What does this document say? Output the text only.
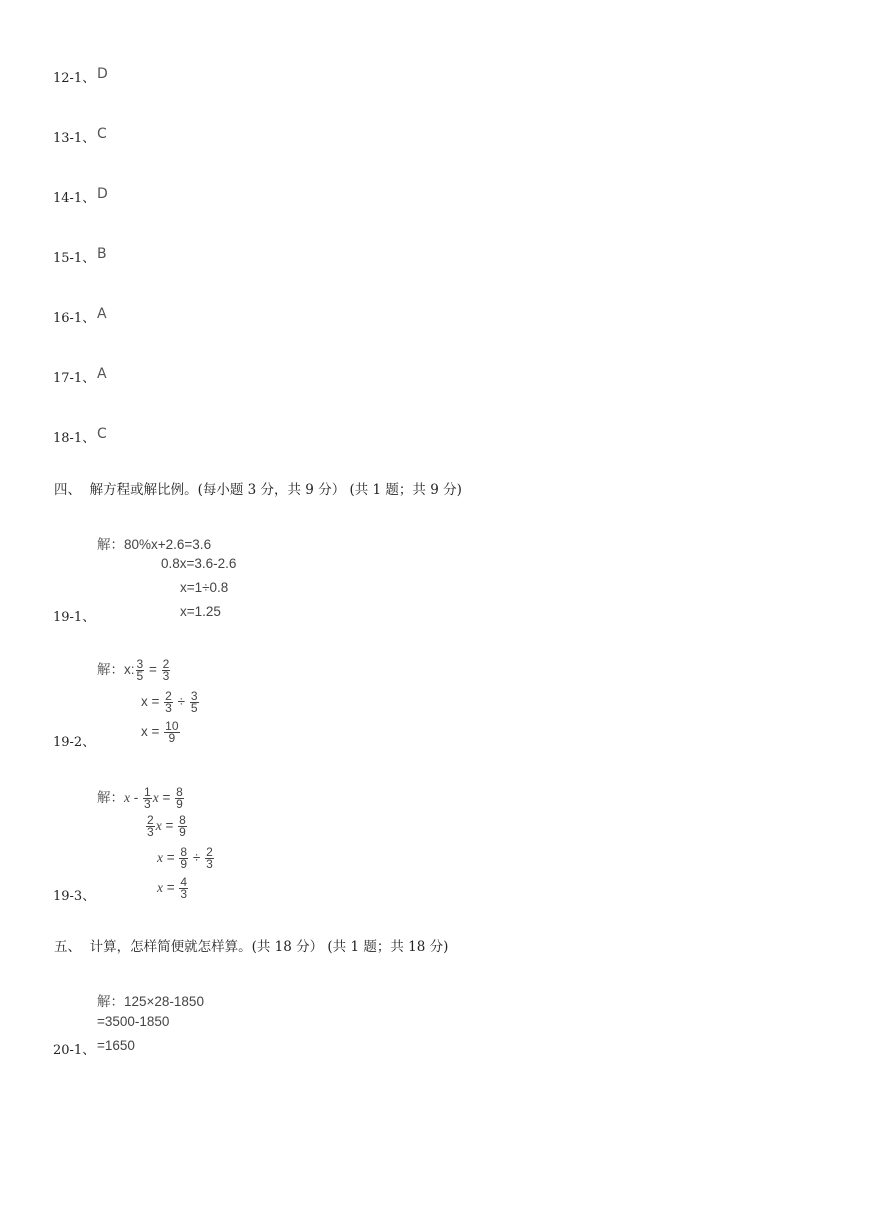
12-1、 D
13-1、 C
14-1、 D
15-1、 B
16-1、 A
17-1、 A
18-1、 C
四、  解方程或解比例。(每小题 3 分，共 9 分） (共 1 题；共 9 分)
解：80%x+2.6=3.6
0.8x=3.6-2.6
x=1÷0.8
x=1.25
19-1、
解：x: $\frac{3}{5} = \frac{2}{3}$
$x = \frac{2}{3} \div \frac{3}{5}$
$x = \frac{10}{9}$
19-2、
解：x - $\frac{1}{3}$ $x = \frac{8}{9}$
$\frac{2}{3}$ $x = \frac{8}{9}$
$x = \frac{8}{9} \div \frac{2}{3}$
$x = \frac{4}{3}$
19-3、
五、  计算，怎样简便就怎样算。(共 18 分） (共 1 题；共 18 分)
解：125×28-1850
=3500-1850
=1650
20-1、
